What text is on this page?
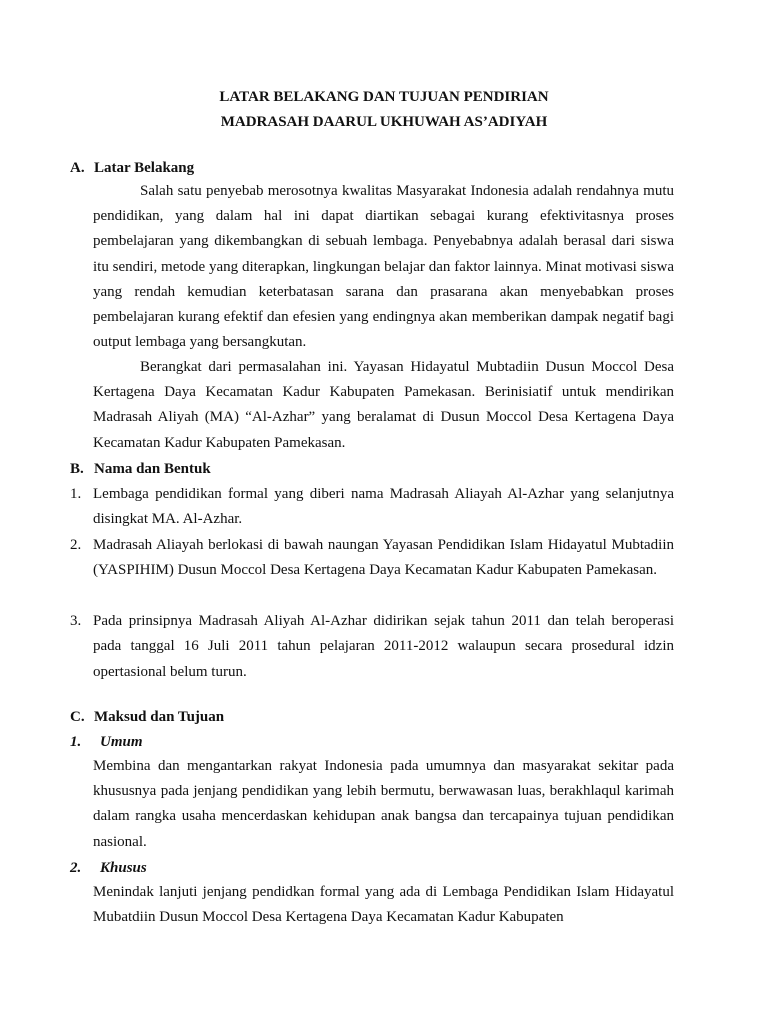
LATAR BELAKANG DAN TUJUAN PENDIRIAN
MADRASAH DAARUL UKHUWAH AS’ADIYAH
A. Latar Belakang

Salah satu penyebab merosotnya kwalitas Masyarakat Indonesia adalah rendahnya mutu pendidikan, yang dalam hal ini dapat diartikan sebagai kurang efektivitasnya proses pembelajaran yang dikembangkan di sebuah lembaga. Penyebabnya adalah berasal dari siswa itu sendiri, metode yang diterapkan, lingkungan belajar dan faktor lainnya. Minat motivasi siswa yang rendah kemudian keterbatasan sarana dan prasarana akan menyebabkan proses pembelajaran kurang efektif dan efesien yang endingnya akan memberikan dampak negatif bagi output lembaga yang bersangkutan.

Berangkat dari permasalahan ini. Yayasan Hidayatul Mubtadiin Dusun Moccol Desa Kertagena Daya Kecamatan Kadur Kabupaten Pamekasan. Berinisiatif untuk mendirikan Madrasah Aliyah (MA) “Al-Azhar” yang beralamat di Dusun Moccol Desa Kertagena Daya Kecamatan Kadur Kabupaten Pamekasan.

B. Nama dan Bentuk
1. Lembaga pendidikan formal yang diberi nama Madrasah Aliayah Al-Azhar yang selanjutnya disingkat MA. Al-Azhar.
2. Madrasah Aliayah berlokasi di bawah naungan Yayasan Pendidikan Islam Hidayatul Mubtadiin (YASPIHIM) Dusun Moccol Desa Kertagena Daya Kecamatan Kadur Kabupaten Pamekasan.
3. Pada prinsipnya Madrasah Aliyah Al-Azhar didirikan sejak tahun 2011 dan telah beroperasi pada tanggal 16 Juli 2011 tahun pelajaran 2011-2012 walaupun secara prosedural idzin opertasional belum turun.
C. Maksud dan Tujuan
1. Umum

Membina dan mengantarkan rakyat Indonesia pada umumnya dan masyarakat sekitar pada khususnya pada jenjang pendidikan yang lebih bermutu, berwawasan luas, berakhlaqul karimah dalam rangka usaha mencerdaskan kehidupan anak bangsa dan tercapainya tujuan pendidikan nasional.

2. Khusus

Menindak lanjuti jenjang pendidkan formal yang ada di Lembaga Pendidikan Islam Hidayatul Mubatdiin Dusun Moccol Desa Kertagena Daya Kecamatan Kadur Kabupaten
